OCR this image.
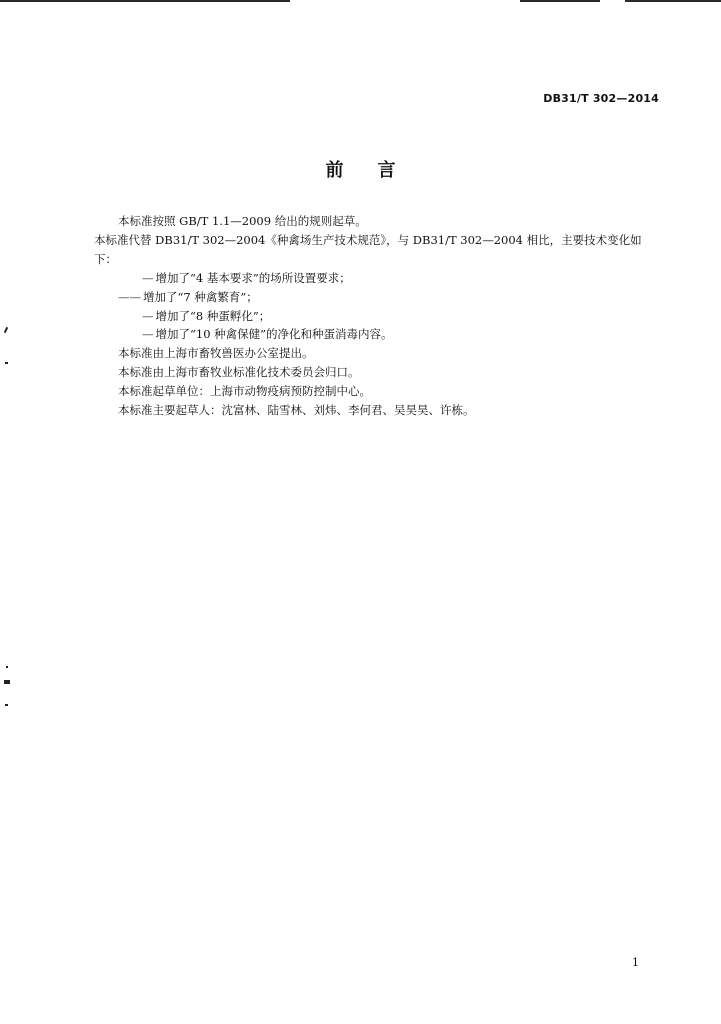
DB31/T 302—2014
前言

本标准按照 GB/T 1.1—2009 给出的规则起草。

本标准代替 DB31/T 302—2004《种禽场生产技术规范》，与 DB31/T 302—2004 相比，主要技术变化如下：

— 增加了“4 基本要求”的场所设置要求；

—— 增加了“7 种禽繁育”；

— 增加了“8 种蛋孵化”；

— 增加了“10 种禽保健”的净化和种蛋消毒内容。

本标准由上海市畜牧兽医办公室提出。

本标准由上海市畜牧业标准化技术委员会归口。

本标准起草单位：上海市动物疫病预防控制中心。

本标准主要起草人：沈富林、陆雪林、刘炜、李何君、吴昊昊、许栋。

1
